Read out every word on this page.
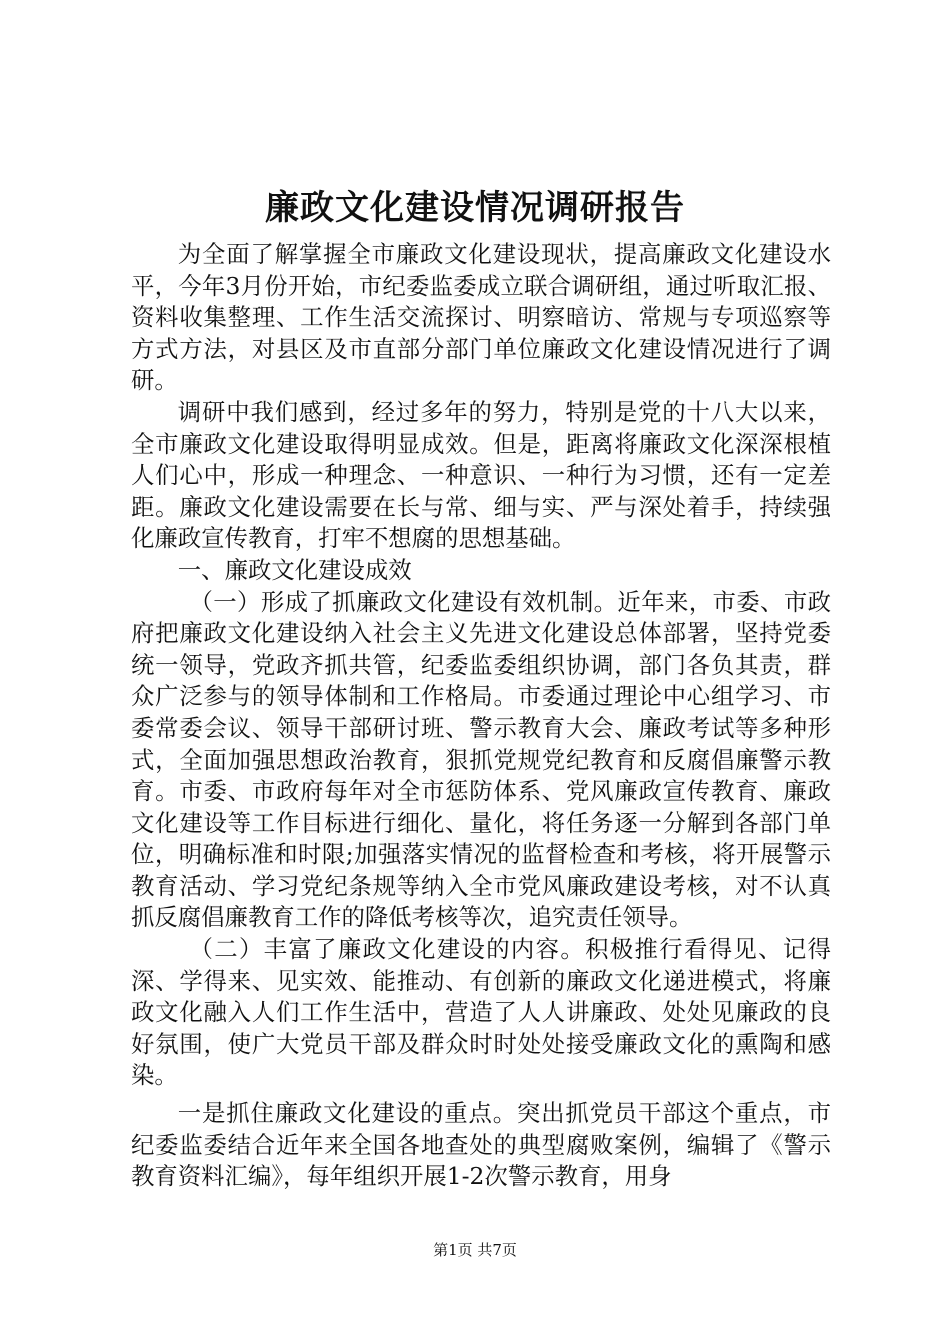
廉政文化建设情况调研报告

为全面了解掌握全市廉政文化建设现状，提高廉政文化建设水平，今年3月份开始，市纪委监委成立联合调研组，通过听取汇报、资料收集整理、工作生活交流探讨、明察暗访、常规与专项巡察等方式方法，对县区及市直部分部门单位廉政文化建设情况进行了调研。

调研中我们感到，经过多年的努力，特别是党的十八大以来，全市廉政文化建设取得明显成效。但是，距离将廉政文化深深根植人们心中，形成一种理念、一种意识、一种行为习惯，还有一定差距。廉政文化建设需要在长与常、细与实、严与深处着手，持续强化廉政宣传教育，打牢不想腐的思想基础。

一、廉政文化建设成效

（一）形成了抓廉政文化建设有效机制。近年来，市委、市政府把廉政文化建设纳入社会主义先进文化建设总体部署，坚持党委统一领导，党政齐抓共管，纪委监委组织协调，部门各负其责，群众广泛参与的领导体制和工作格局。市委通过理论中心组学习、市委常委会议、领导干部研讨班、警示教育大会、廉政考试等多种形式，全面加强思想政治教育，狠抓党规党纪教育和反腐倡廉警示教育。市委、市政府每年对全市惩防体系、党风廉政宣传教育、廉政文化建设等工作目标进行细化、量化，将任务逐一分解到各部门单位，明确标准和时限;加强落实情况的监督检查和考核，将开展警示教育活动、学习党纪条规等纳入全市党风廉政建设考核，对不认真抓反腐倡廉教育工作的降低考核等次，追究责任领导。

（二）丰富了廉政文化建设的内容。积极推行看得见、记得深、学得来、见实效、能推动、有创新的廉政文化递进模式，将廉政文化融入人们工作生活中，营造了人人讲廉政、处处见廉政的良好氛围，使广大党员干部及群众时时处处接受廉政文化的熏陶和感染。

一是抓住廉政文化建设的重点。突出抓党员干部这个重点，市纪委监委结合近年来全国各地查处的典型腐败案例，编辑了《警示教育资料汇编》，每年组织开展1-2次警示教育，用身

第1页 共7页
